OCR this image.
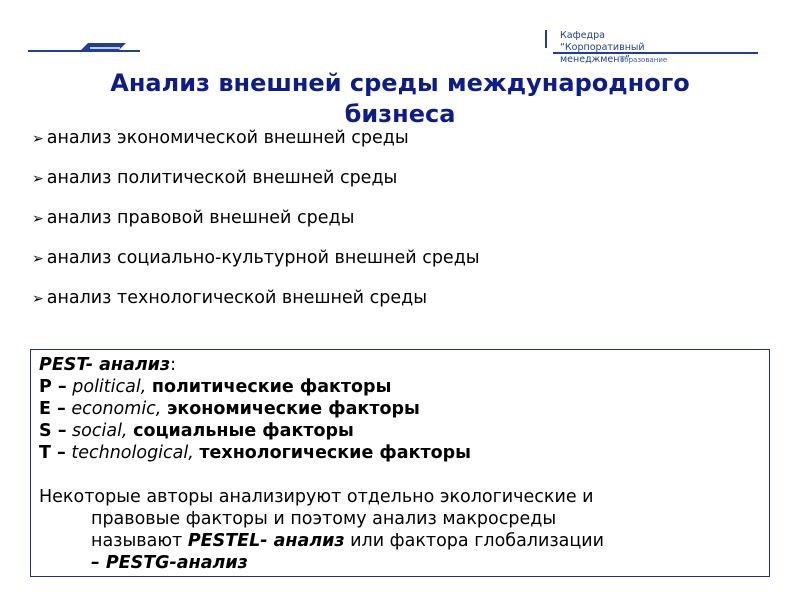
Кафедра
“Корпоративный менеджмент”
образование
Анализ внешней среды международного
бизнеса
➢ анализ экономической внешней среды
➢ анализ политической внешней среды
➢ анализ правовой внешней среды
➢ анализ социально-культурной внешней среды
➢ анализ технологической внешней среды
PEST- анализ:
P – political, политические факторы
E – economic, экономические факторы
S – social, социальные факторы
T – technological, технологические факторы
Некоторые авторы анализируют отдельно экологические и
правовые факторы и поэтому анализ макросреды
называют PESTEL- анализ или фактора глобализации
– PESTG-анализ
